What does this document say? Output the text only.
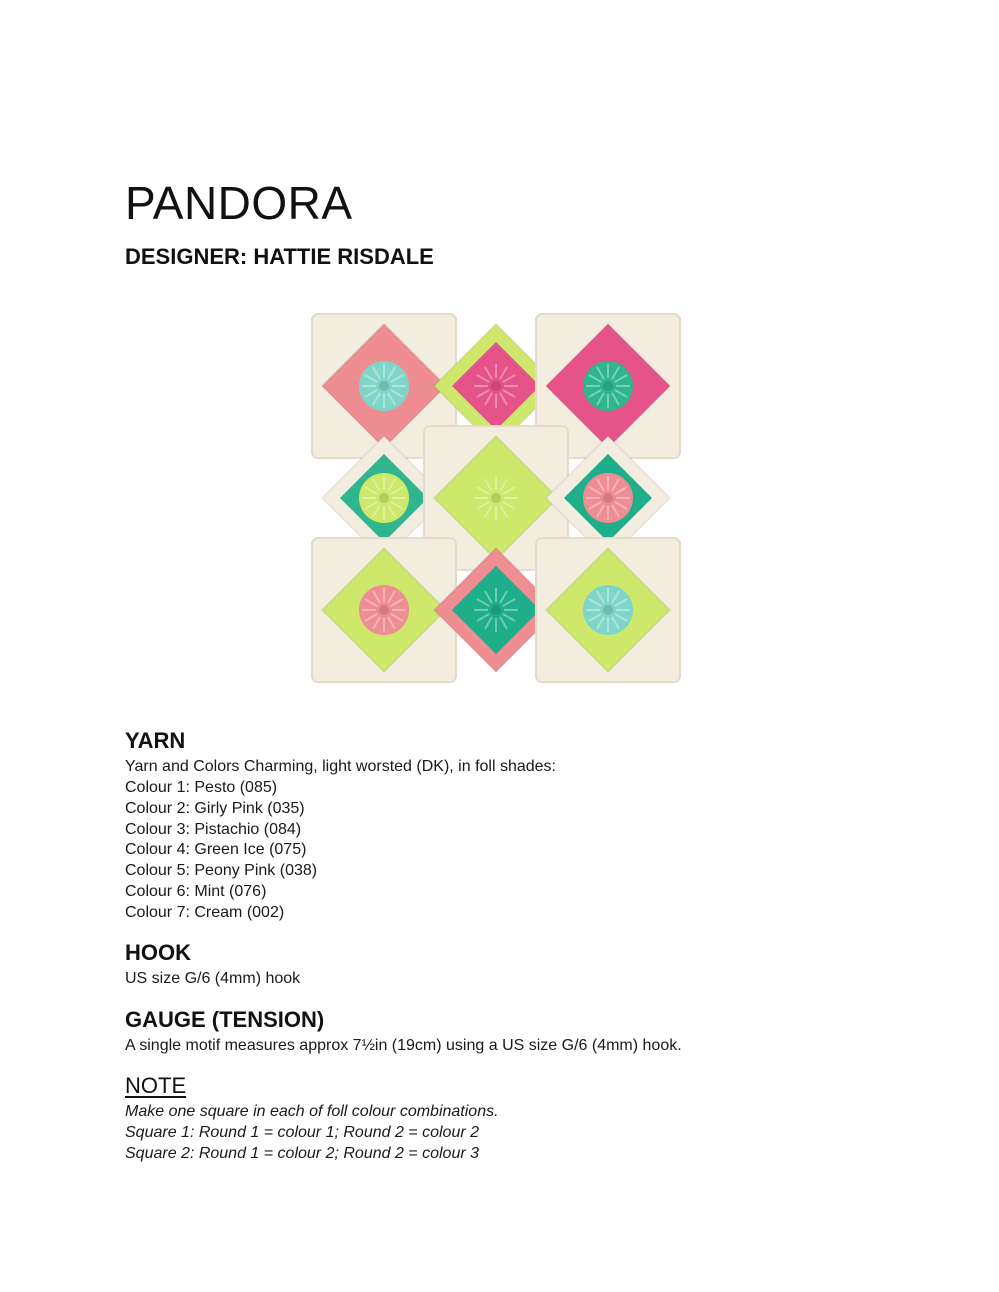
PANDORA
DESIGNER: HATTIE RISDALE
YARN

Yarn and Colors Charming, light worsted (DK), in foll shades:

Colour 1: Pesto (085)
Colour 2: Girly Pink (035)
Colour 3: Pistachio (084)
Colour 4: Green Ice (075)
Colour 5: Peony Pink (038)
Colour 6: Mint (076)
Colour 7: Cream (002)
HOOK

US size G/6 (4mm) hook

GAUGE (TENSION)

A single motif measures approx 7½in (19cm) using a US size G/6 (4mm) hook.

NOTE

Make one square in each of foll colour combinations.

Square 1: Round 1 = colour 1; Round 2 = colour 2

Square 2: Round 1 = colour 2; Round 2 = colour 3
